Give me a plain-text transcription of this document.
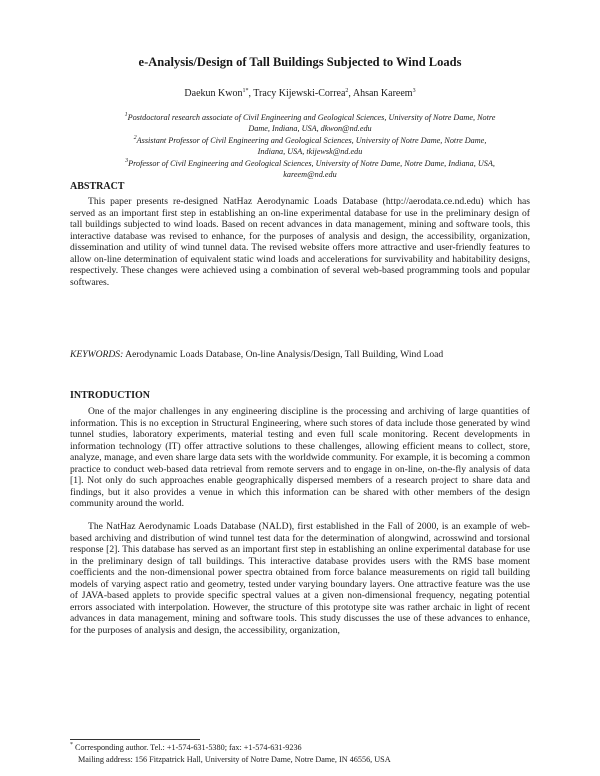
e-Analysis/Design of Tall Buildings Subjected to Wind Loads
Daekun Kwon$^{1*}$, Tracy Kijewski-Correa$^2$, Ahsan Kareem$^3$
$^1$Postdoctoral research associate of Civil Engineering and Geological Sciences, University of Notre Dame, Notre Dame, Indiana, USA, dkwon@nd.edu
$^2$Assistant Professor of Civil Engineering and Geological Sciences, University of Notre Dame, Notre Dame, Indiana, USA, tkijewsk@nd.edu
$^3$Professor of Civil Engineering and Geological Sciences, University of Notre Dame, Notre Dame, Indiana, USA, kareem@nd.edu
ABSTRACT
This paper presents re-designed NatHaz Aerodynamic Loads Database (http://aerodata.ce.nd.edu) which has served as an important first step in establishing an on-line experimental database for use in the preliminary design of tall buildings subjected to wind loads. Based on recent advances in data management, mining and software tools, this interactive database was revised to enhance, for the purposes of analysis and design, the accessibility, organization, dissemination and utility of wind tunnel data. The revised website offers more attractive and user-friendly features to allow on-line determination of equivalent static wind loads and accelerations for survivability and habitability designs, respectively. These changes were achieved using a combination of several web-based programming tools and popular softwares.
KEYWORDS: Aerodynamic Loads Database, On-line Analysis/Design, Tall Building, Wind Load
INTRODUCTION
One of the major challenges in any engineering discipline is the processing and archiving of large quantities of information. This is no exception in Structural Engineering, where such stores of data include those generated by wind tunnel studies, laboratory experiments, material testing and even full scale monitoring. Recent developments in information technology (IT) offer attractive solutions to these challenges, allowing efficient means to collect, store, analyze, manage, and even share large data sets with the worldwide community. For example, it is becoming a common practice to conduct web-based data retrieval from remote servers and to engage in on-line, on-the-fly analysis of data [1]. Not only do such approaches enable geographically dispersed members of a research project to share data and findings, but it also provides a venue in which this information can be shared with other members of the design community around the world.
The NatHaz Aerodynamic Loads Database (NALD), first established in the Fall of 2000, is an example of web-based archiving and distribution of wind tunnel test data for the determination of alongwind, acrosswind and torsional response [2]. This database has served as an important first step in establishing an online experimental database for use in the preliminary design of tall buildings. This interactive database provides users with the RMS base moment coefficients and the non-dimensional power spectra obtained from force balance measurements on rigid tall building models of varying aspect ratio and geometry, tested under varying boundary layers. One attractive feature was the use of JAVA-based applets to provide specific spectral values at a given non-dimensional frequency, negating potential errors associated with interpolation. However, the structure of this prototype site was rather archaic in light of recent advances in data management, mining and software tools. This study discusses the use of these advances to enhance, for the purposes of analysis and design, the accessibility, organization,
* Corresponding author. Tel.: +1-574-631-5380; fax: +1-574-631-9236
Mailing address: 156 Fitzpatrick Hall, University of Notre Dame, Notre Dame, IN 46556, USA
